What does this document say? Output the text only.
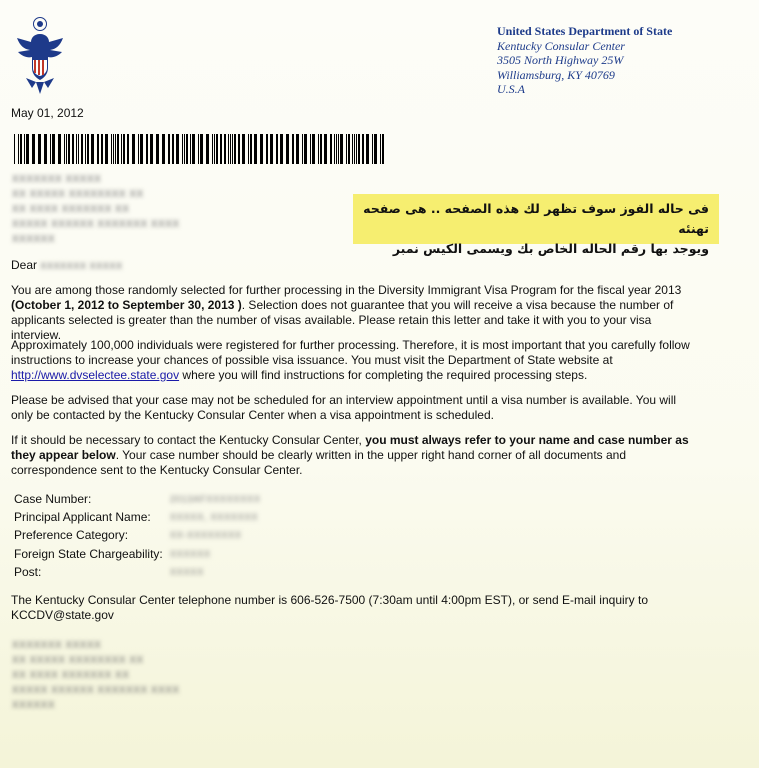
United States Department of State
Kentucky Consular Center
3505 North Highway 25W
Williamsburg, KY 40769
U.S.A
May 01, 2012
XXXXXXX XXXXX
XX XXXXX XXXXXXXX XX
XX XXXX XXXXXXX XX
XXXXX XXXXXX XXXXXXX XXXX
XXXXXX
فى حاله الفوز سوف تظهر لك هذه الصفحه .. هى صفحه تهنئه
ويوجد بها رقم الحاله الخاص بك ويسمى الكيس نمبر
Dear XXXXXXX XXXXX
You are among those randomly selected for further processing in the Diversity Immigrant Visa Program for the fiscal year 2013
(October 1, 2012 to September 30, 2013 ). Selection does not guarantee that you will receive a visa because the number of applicants selected is greater than the number of visas available. Please retain this letter and take it with you to your visa interview.
Approximately 100,000 individuals were registered for further processing. Therefore, it is most important that you carefully follow instructions to increase your chances of possible visa issuance. You must visit the Department of State website at
http://www.dvselectee.state.gov where you will find instructions for completing the required processing steps.
Please be advised that your case may not be scheduled for an interview appointment until a visa number is available. You will only be contacted by the Kentucky Consular Center when a visa appointment is scheduled.
If it should be necessary to contact the Kentucky Consular Center, you must always refer to your name and case number as they appear below. Your case number should be clearly written in the upper right hand corner of all documents and correspondence sent to the Kentucky Consular Center.
Case Number:	2013AFXXXXXXXX
Principal Applicant Name:	XXXXX, XXXXXXX
Preference Category:	XX-XXXXXXXX
Foreign State Chargeability: XXXXXX
Post:	XXXXX
The Kentucky Consular Center telephone number is 606-526-7500 (7:30am until 4:00pm EST), or send E-mail inquiry to KCCDV@state.gov
XXXXXXX XXXXX
XX XXXXX XXXXXXXX XX
XX XXXX XXXXXXX XX
XXXXX XXXXXX XXXXXXX XXXX
XXXXXX
